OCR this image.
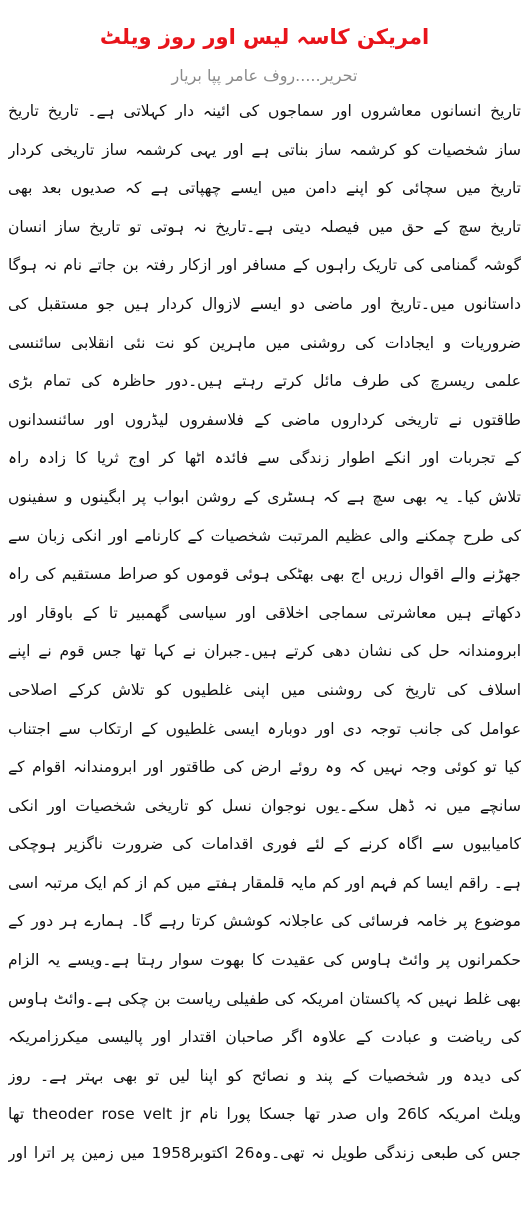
امریکن کاسہ لیس اور روز ویلٹ

تحریر.....روف عامر پپا بریار

تاریخ انسانوں معاشروں اور سماجوں کی ائینہ دار کہلاتی ہے۔ تاریخ تاریخ
ساز شخصیات کو کرشمہ ساز بناتی ہے اور یہی کرشمہ ساز تاریخی کردار
تاریخ میں سچائی کو اپنے دامن میں ایسے چھپاتی ہے کہ صدیوں بعد بھی
تاریخ سچ کے حق میں فیصلہ دیتی ہے۔تاریخ نہ ہوتی تو تاریخ ساز انسان
گوشہ گمنامی کی تاریک راہوں کے مسافر اور ازکار رفتہ بن جاتے نام نہ ہوگا
داستانوں میں۔تاریخ اور ماضی دو ایسے لازوال کردار ہیں جو مستقبل کی
ضروریات و ایجادات کی روشنی میں ماہرین کو نت نئی انقلابی سائنسی
علمی ریسرچ کی طرف مائل کرتے رہتے ہیں۔دور حاظرہ کی تمام بڑی
طاقتوں نے تاریخی کرداروں ماضی کے فلاسفروں لیڈروں اور سائنسدانوں
کے تجربات اور انکے اطوار زندگی سے فائدہ اٹھا کر اوج ثریا کا زادہ راہ
تلاش کیا۔ یہ بھی سچ ہے کہ ہسٹری کے روشن ابواب پر ابگینوں و سفینوں
کی طرح چمکنے والی عظیم المرتبت شخصیات کے کارنامے اور انکی زبان سے
جھڑنے والے اقوال زریں اج بھی بھٹکی ہوئی قوموں کو صراط مستقیم کی راہ
دکھاتے ہیں معاشرتی سماجی اخلاقی اور سیاسی گھمبیر تا کے باوقار اور
ابرومندانہ حل کی نشان دھی کرتے ہیں۔جبران نے کہا تھا جس قوم نے اپنے
اسلاف کی تاریخ کی روشنی میں اپنی غلطیوں کو تلاش کرکے اصلاحی
عوامل کی جانب توجہ دی اور دوبارہ ایسی غلطیوں کے ارتکاب سے اجتناب
کیا تو کوئی وجہ نہیں کہ وہ روئے ارض کی طاقتور اور ابرومندانہ اقوام کے
سانچے میں نہ ڈھل سکے۔یوں نوجوان نسل کو تاریخی شخصیات اور انکی
کامیابیوں سے اگاہ کرنے کے لئے فوری اقدامات کی ضرورت ناگزیر ہوچکی
ہے۔ راقم ایسا کم فہم اور کم مایہ قلمقار ہفتے میں کم از کم ایک مرتبہ اسی
موضوع پر خامہ فرسائی کی عاجلانہ کوشش کرتا رہے گا۔ ہمارے ہر دور کے
حکمرانوں پر وائٹ ہاوس کی عقیدت کا بھوت سوار رہتا ہے۔ویسے یہ الزام
بھی غلط نہیں کہ پاکستان امریکہ کی طفیلی ریاست بن چکی ہے۔وائٹ ہاوس
کی ریاضت و عبادت کے علاوہ اگر صاحبان اقتدار اور پالیسی میکرزامریکہ
کی دیدہ ور شخصیات کے پند و نصائح کو اپنا لیں تو بھی بہتر ہے۔ روز
ویلٹ امریکہ کا26 واں صدر تھا جسکا پورا نام theoder rose velt jr تھا
جس کی طبعی زندگی طویل نہ تھی۔وہ26 اکتوبر1958 میں زمین پر اترا اور
